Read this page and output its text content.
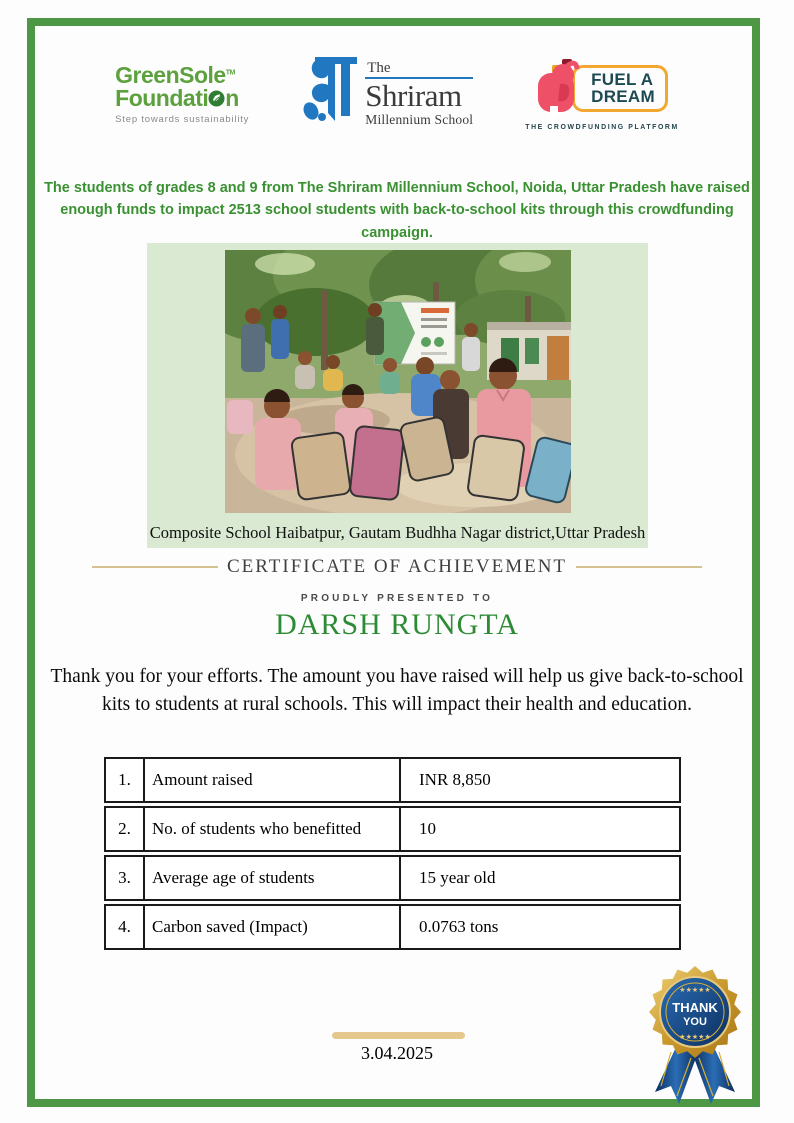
GreenSole™
Foundati n
Step towards sustainability
The
Shriram
Millennium School
FUEL A
DREAM
THE CROWDFUNDING PLATFORM
The students of grades 8 and 9 from The Shriram Millennium School, Noida, Uttar Pradesh have raised enough funds to impact 2513 school students with back-to-school kits through this crowdfunding campaign.
Composite School Haibatpur, Gautam Budhha Nagar district,Uttar Pradesh
CERTIFICATE OF ACHIEVEMENT
PROUDLY PRESENTED TO
DARSH RUNGTA
Thank you for your efforts. The amount you have raised will help us give back-to-school kits to students at rural schools. This will impact their health and education.
1.	Amount raised	INR 8,850
2.	No. of students who benefitted	10
3.	Average age of students	15 year old
4.	Carbon saved (Impact)	0.0763 tons
3.04.2025
★★★★★
THANK
YOU
★★★★★
